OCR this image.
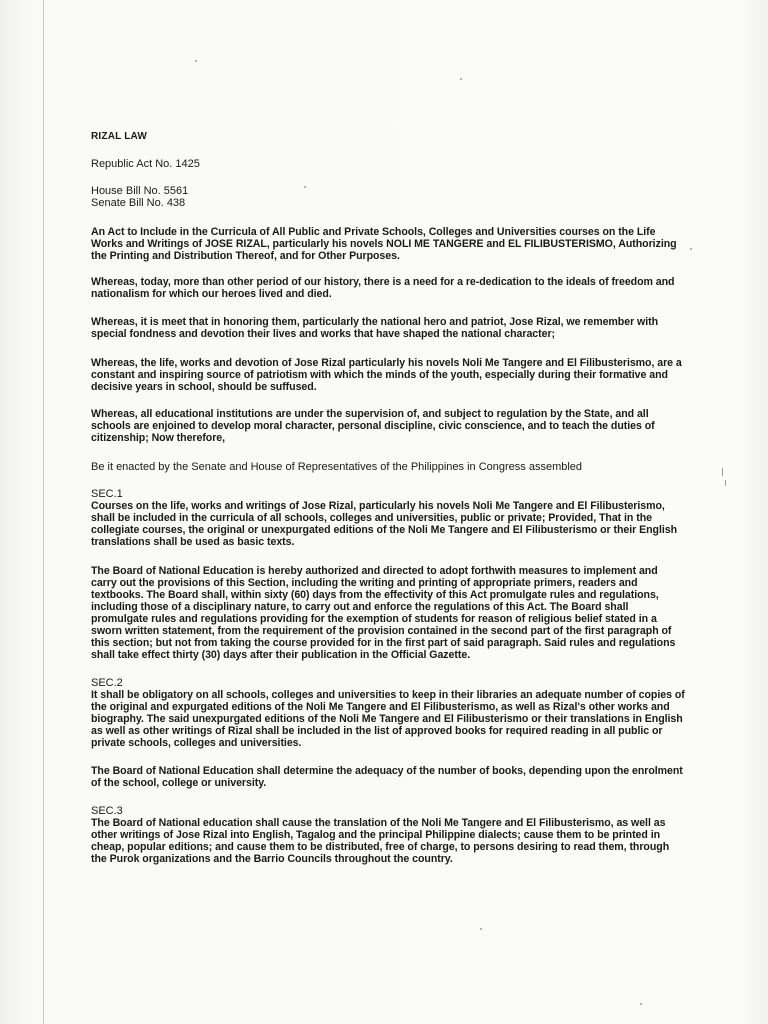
RIZAL LAW

Republic Act No. 1425

House Bill No. 5561

Senate Bill No. 438

An Act to Include in the Curricula of All Public and Private Schools, Colleges and Universities courses on the Life Works and Writings of JOSE RIZAL, particularly his novels NOLI ME TANGERE and EL FILIBUSTERISMO, Authorizing the Printing and Distribution Thereof, and for Other Purposes.

Whereas, today, more than other period of our history, there is a need for a re-dedication to the ideals of freedom and nationalism for which our heroes lived and died.

Whereas, it is meet that in honoring them, particularly the national hero and patriot, Jose Rizal, we remember with special fondness and devotion their lives and works that have shaped the national character;

Whereas, the life, works and devotion of Jose Rizal particularly his novels Noli Me Tangere and El Filibusterismo, are a constant and inspiring source of patriotism with which the minds of the youth, especially during their formative and decisive years in school, should be suffused.

Whereas, all educational institutions are under the supervision of, and subject to regulation by the State, and all schools are enjoined to develop moral character, personal discipline, civic conscience, and to teach the duties of citizenship; Now therefore,

Be it enacted by the Senate and House of Representatives of the Philippines in Congress assembled

SEC.1

Courses on the life, works and writings of Jose Rizal, particularly his novels Noli Me Tangere and El Filibusterismo, shall be included in the curricula of all schools, colleges and universities, public or private; Provided, That in the collegiate courses, the original or unexpurgated editions of the Noli Me Tangere and El Filibusterismo or their English translations shall be used as basic texts.

The Board of National Education is hereby authorized and directed to adopt forthwith measures to implement and carry out the provisions of this Section, including the writing and printing of appropriate primers, readers and textbooks. The Board shall, within sixty (60) days from the effectivity of this Act promulgate rules and regulations, including those of a disciplinary nature, to carry out and enforce the regulations of this Act. The Board shall promulgate rules and regulations providing for the exemption of students for reason of religious belief stated in a sworn written statement, from the requirement of the provision contained in the second part of the first paragraph of this section; but not from taking the course provided for in the first part of said paragraph. Said rules and regulations shall take effect thirty (30) days after their publication in the Official Gazette.

SEC.2

It shall be obligatory on all schools, colleges and universities to keep in their libraries an adequate number of copies of the original and expurgated editions of the Noli Me Tangere and El Filibusterismo, as well as Rizal's other works and biography. The said unexpurgated editions of the Noli Me Tangere and El Filibusterismo or their translations in English as well as other writings of Rizal shall be included in the list of approved books for required reading in all public or private schools, colleges and universities.

The Board of National Education shall determine the adequacy of the number of books, depending upon the enrolment of the school, college or university.

SEC.3

The Board of National education shall cause the translation of the Noli Me Tangere and El Filibusterismo, as well as other writings of Jose Rizal into English, Tagalog and the principal Philippine dialects; cause them to be printed in cheap, popular editions; and cause them to be distributed, free of charge, to persons desiring to read them, through the Purok organizations and the Barrio Councils throughout the country.
